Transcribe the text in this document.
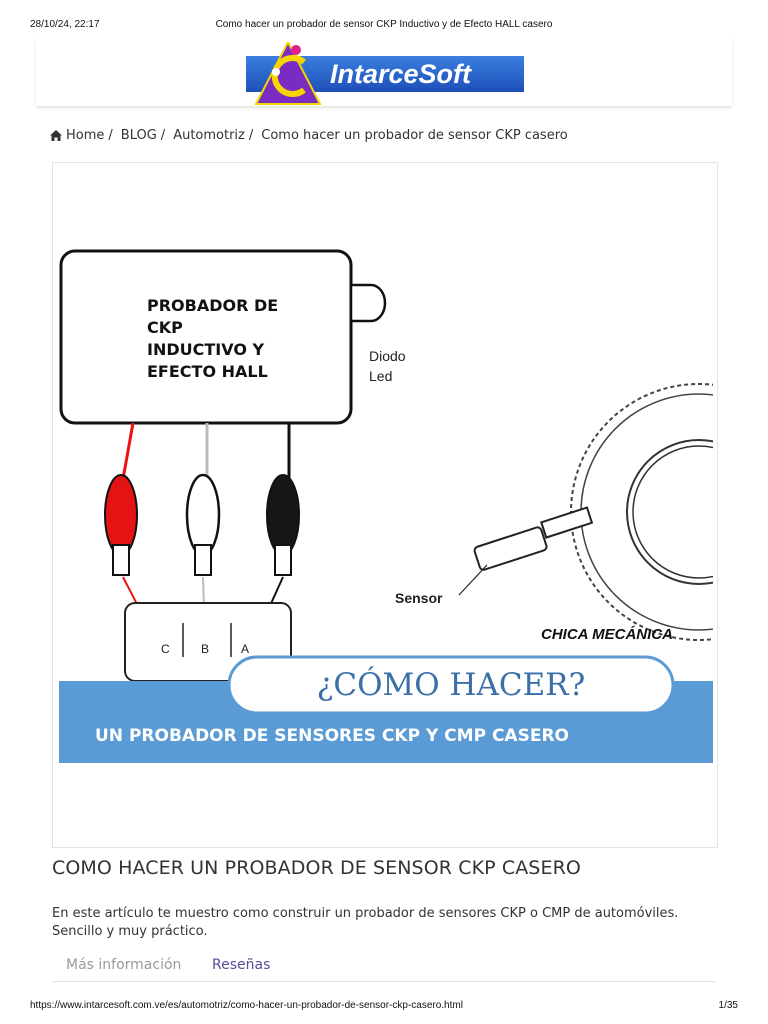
28/10/24, 22:17	Como hacer un probador de sensor CKP Inductivo y de Efecto HALL casero
IntarceSoft
Home / BLOG / Automotriz / Como hacer un probador de sensor CKP casero
PROBADOR DE CKP INDUCTIVO Y EFECTO HALL
Diodo Led
C	B	A
Sensor
CHICA MECÁNICA
¿CÓMO HACER?
UN PROBADOR DE SENSORES CKP Y CMP CASERO
COMO HACER UN PROBADOR DE SENSOR CKP CASERO

En este artículo te muestro como construir un probador de sensores CKP o CMP de automóviles. Sencillo y muy práctico.

Más información Reseñas
https://www.intarcesoft.com.ve/es/automotriz/como-hacer-un-probador-de-sensor-ckp-casero.html	1/35
